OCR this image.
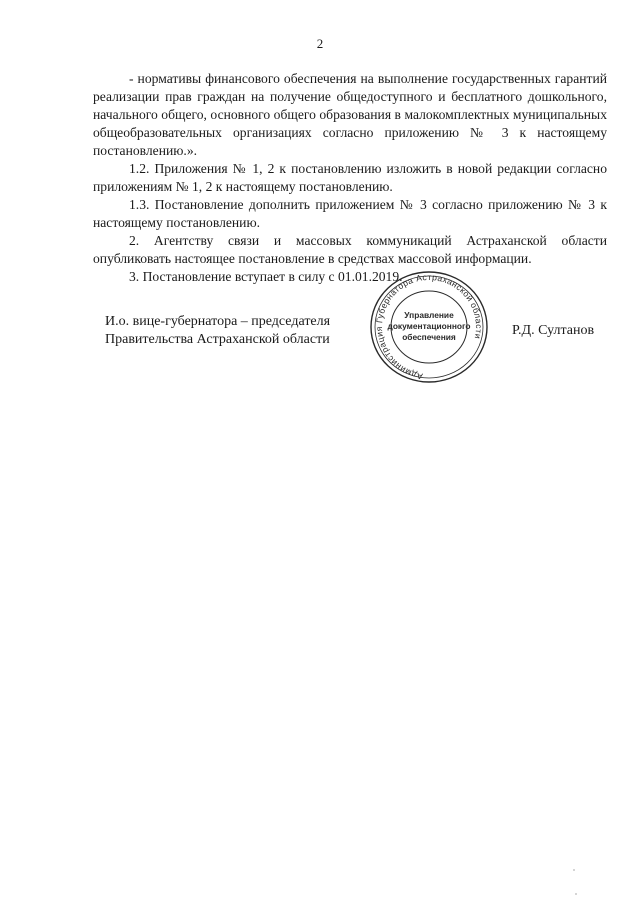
2

- нормативы финансового обеспечения на выполнение государственных гарантий реализации прав граждан на получение общедоступного и бесплатного дошкольного, начального общего, основного общего образования в малокомплектных муниципальных общеобразовательных организациях согласно приложению № 3 к настоящему постановлению.».

1.2. Приложения № 1, 2 к постановлению изложить в новой редакции согласно приложениям № 1, 2 к настоящему постановлению.

1.3. Постановление дополнить приложением № 3 согласно приложению № 3 к настоящему постановлению.

2. Агентству связи и массовых коммуникаций Астраханской области опубликовать настоящее постановление в средствах массовой информации.

3. Постановление вступает в силу с 01.01.2019.

И.о. вице-губернатора – председателя
Правительства Астраханской области
Администрация Губернатора Астраханской области
Управление
документационного
обеспечения	Р.Д. Султанов
